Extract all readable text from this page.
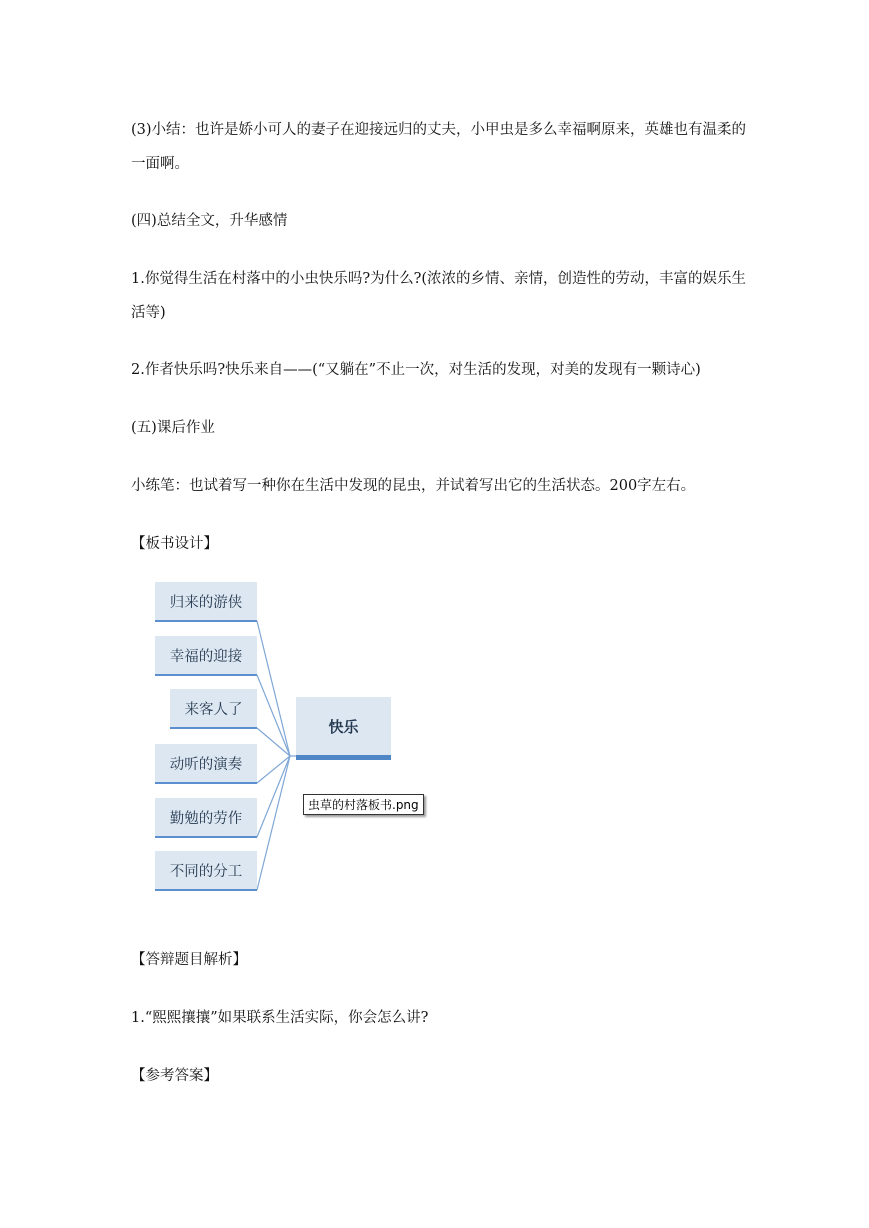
(3)小结：也许是娇小可人的妻子在迎接远归的丈夫，小甲虫是多么幸福啊原来，英雄也有温柔的一面啊。

(四)总结全文，升华感情

1.你觉得生活在村落中的小虫快乐吗?为什么?(浓浓的乡情、亲情，创造性的劳动，丰富的娱乐生活等)

2.作者快乐吗?快乐来自——(“又躺在”不止一次，对生活的发现，对美的发现有一颗诗心)

(五)课后作业

小练笔：也试着写一种你在生活中发现的昆虫，并试着写出它的生活状态。200字左右。

【板书设计】

归来的游侠
幸福的迎接
来客人了
动听的演奏
勤勉的劳作
不同的分工
快乐
虫草的村落板书.png

【答辩题目解析】

1.“熙熙攘攘”如果联系生活实际，你会怎么讲?

【参考答案】
